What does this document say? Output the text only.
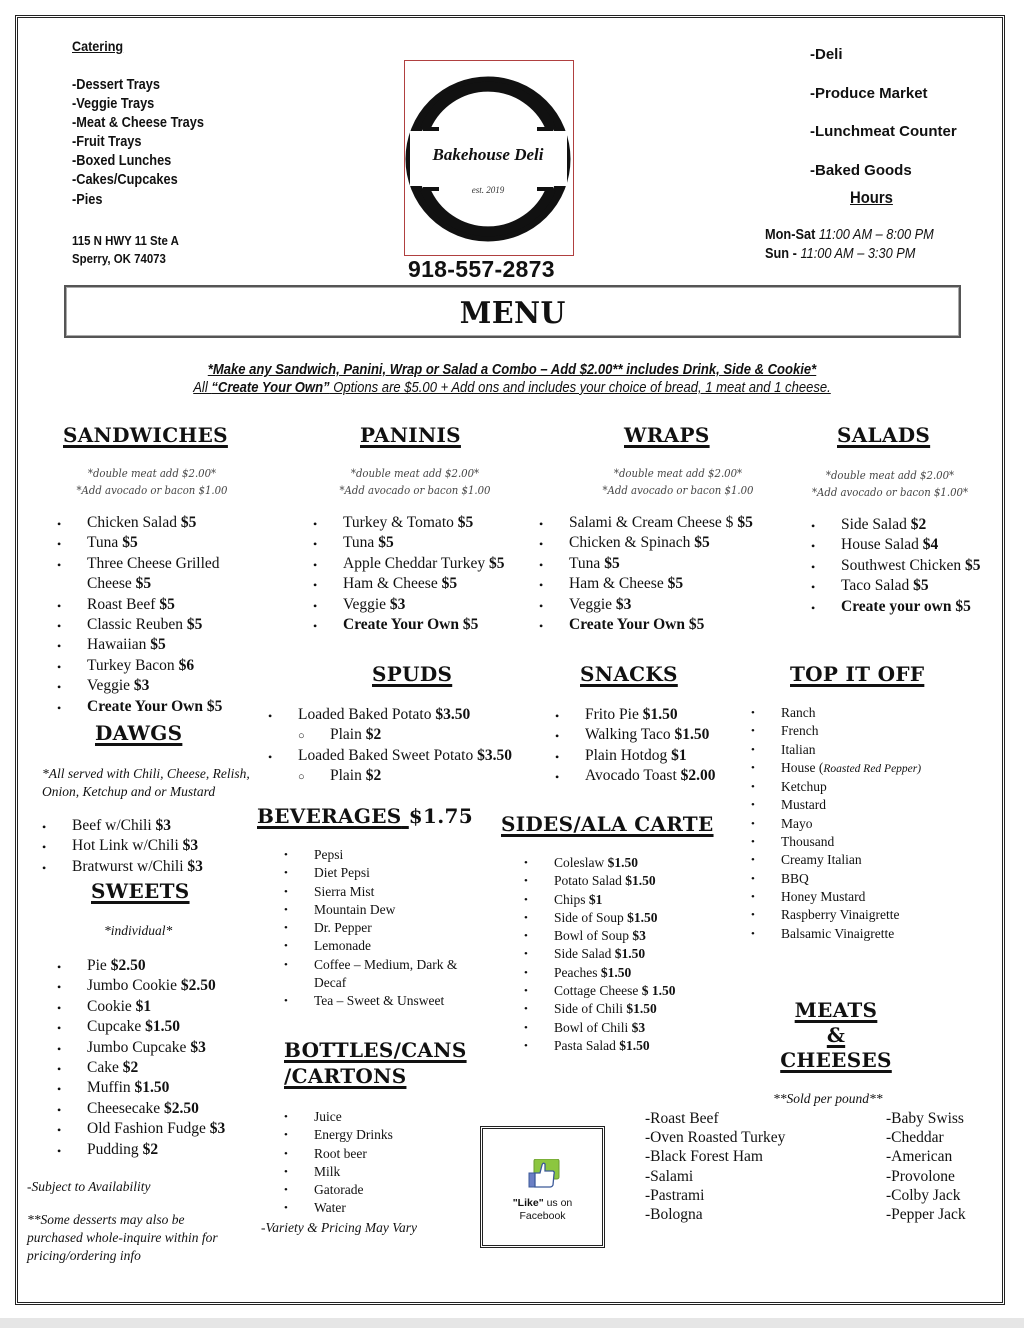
Catering
-Dessert Trays
-Veggie Trays
-Meat & Cheese Trays
-Fruit Trays
-Boxed Lunches
-Cakes/Cupcakes
-Pies
115 N HWY 11 Ste A
Sperry, OK 74073
Bakehouse Deli
est. 2019
918-557-2873
-Deli
-Produce Market
-Lunchmeat Counter
-Baked Goods
Hours
Mon-Sat 11:00 AM – 8:00 PM
Sun - 11:00 AM – 3:30 PM
MENU
*Make any Sandwich, Panini, Wrap or Salad a Combo – Add $2.00** includes Drink, Side & Cookie*
All “Create Your Own” Options are $5.00 + Add ons and includes your choice of bread, 1 meat and 1 cheese.
SANDWICHES
*double meat add $2.00*
*Add avocado or bacon $1.00
• Chicken Salad $5
• Tuna $5
• Three Cheese Grilled
Cheese $5
• Roast Beef $5
• Classic Reuben $5
• Hawaiian $5
• Turkey Bacon $6
• Veggie $3
• Create Your Own $5
PANINIS
*double meat add $2.00*
*Add avocado or bacon $1.00
• Turkey & Tomato $5
• Tuna $5
• Apple Cheddar Turkey $5
• Ham & Cheese $5
• Veggie $3
• Create Your Own $5
WRAPS
*double meat add $2.00*
*Add avocado or bacon $1.00
• Salami & Cream Cheese $ $5
• Chicken & Spinach $5
• Tuna $5
• Ham & Cheese $5
• Veggie $3
• Create Your Own $5
SALADS
*double meat add $2.00*
*Add avocado or bacon $1.00*
• Side Salad $2
• House Salad $4
• Southwest Chicken $5
• Taco Salad $5
• Create your own $5
DAWGS
*All served with Chili, Cheese, Relish,
Onion, Ketchup and or Mustard
• Beef w/Chili $3
• Hot Link w/Chili $3
• Bratwurst w/Chili $3
SPUDS
• Loaded Baked Potato $3.50
○ Plain $2
• Loaded Baked Sweet Potato $3.50
○ Plain $2
SNACKS
• Frito Pie $1.50
• Walking Taco $1.50
• Plain Hotdog $1
• Avocado Toast $2.00
TOP IT OFF
• Ranch
• French
• Italian
• House (Roasted Red Pepper)
• Ketchup
• Mustard
• Mayo
• Thousand
• Creamy Italian
• BBQ
• Honey Mustard
• Raspberry Vinaigrette
• Balsamic Vinaigrette
BEVERAGES $1.75
• Pepsi
• Diet Pepsi
• Sierra Mist
• Mountain Dew
• Dr. Pepper
• Lemonade
• Coffee – Medium, Dark &
Decaf
• Tea – Sweet & Unsweet
SIDES/ALA CARTE
• Coleslaw $1.50
• Potato Salad $1.50
• Chips $1
• Side of Soup $1.50
• Bowl of Soup $3
• Side Salad $1.50
• Peaches $1.50
• Cottage Cheese $ 1.50
• Side of Chili $1.50
• Bowl of Chili $3
• Pasta Salad $1.50
SWEETS
*individual*
• Pie $2.50
• Jumbo Cookie $2.50
• Cookie $1
• Cupcake $1.50
• Jumbo Cupcake $3
• Cake $2
• Muffin $1.50
• Cheesecake $2.50
• Old Fashion Fudge $3
• Pudding $2
-Subject to Availability
**Some desserts may also be
purchased whole-inquire within for
pricing/ordering info
BOTTLES/CANS
/CARTONS
• Juice
• Energy Drinks
• Root beer
• Milk
• Gatorade
• Water
-Variety & Pricing May Vary
"Like" us on
Facebook
MEATS
&
CHEESES
**Sold per pound**
-Roast Beef
-Oven Roasted Turkey
-Black Forest Ham
-Salami
-Pastrami
-Bologna
-Baby Swiss
-Cheddar
-American
-Provolone
-Colby Jack
-Pepper Jack
